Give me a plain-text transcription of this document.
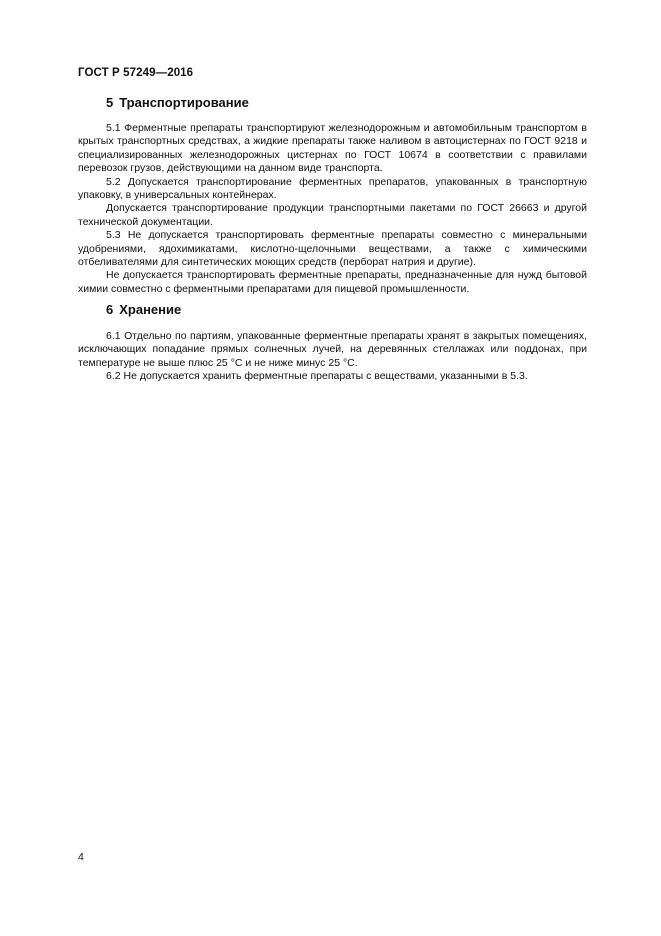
ГОСТ Р 57249—2016
5 Транспортирование

5.1 Ферментные препараты транспортируют железнодорожным и автомобильным транспортом в крытых транспортных средствах, а жидкие препараты также наливом в автоцистернах по ГОСТ 9218 и специализированных железнодорожных цистернах по ГОСТ 10674 в соответствии с правилами перевозок грузов, действующими на данном виде транспорта.

5.2 Допускается транспортирование ферментных препаратов, упакованных в транспортную упаковку, в универсальных контейнерах.

Допускается транспортирование продукции транспортными пакетами по ГОСТ 26663 и другой технической документации.

5.3 Не допускается транспортировать ферментные препараты совместно с минеральными удобрениями, ядохимикатами, кислотно-щелочными веществами, а также с химическими отбеливателями для синтетических моющих средств (перборат натрия и другие).

Не допускается транспортировать ферментные препараты, предназначенные для нужд бытовой химии совместно с ферментными препаратами для пищевой промышленности.

6 Хранение

6.1 Отдельно по партиям, упакованные ферментные препараты хранят в закрытых помещениях, исключающих попадание прямых солнечных лучей, на деревянных стеллажах или поддонах, при температуре не выше плюс 25 °С и не ниже минус 25 °С.

6.2 Не допускается хранить ферментные препараты с веществами, указанными в 5.3.

4
